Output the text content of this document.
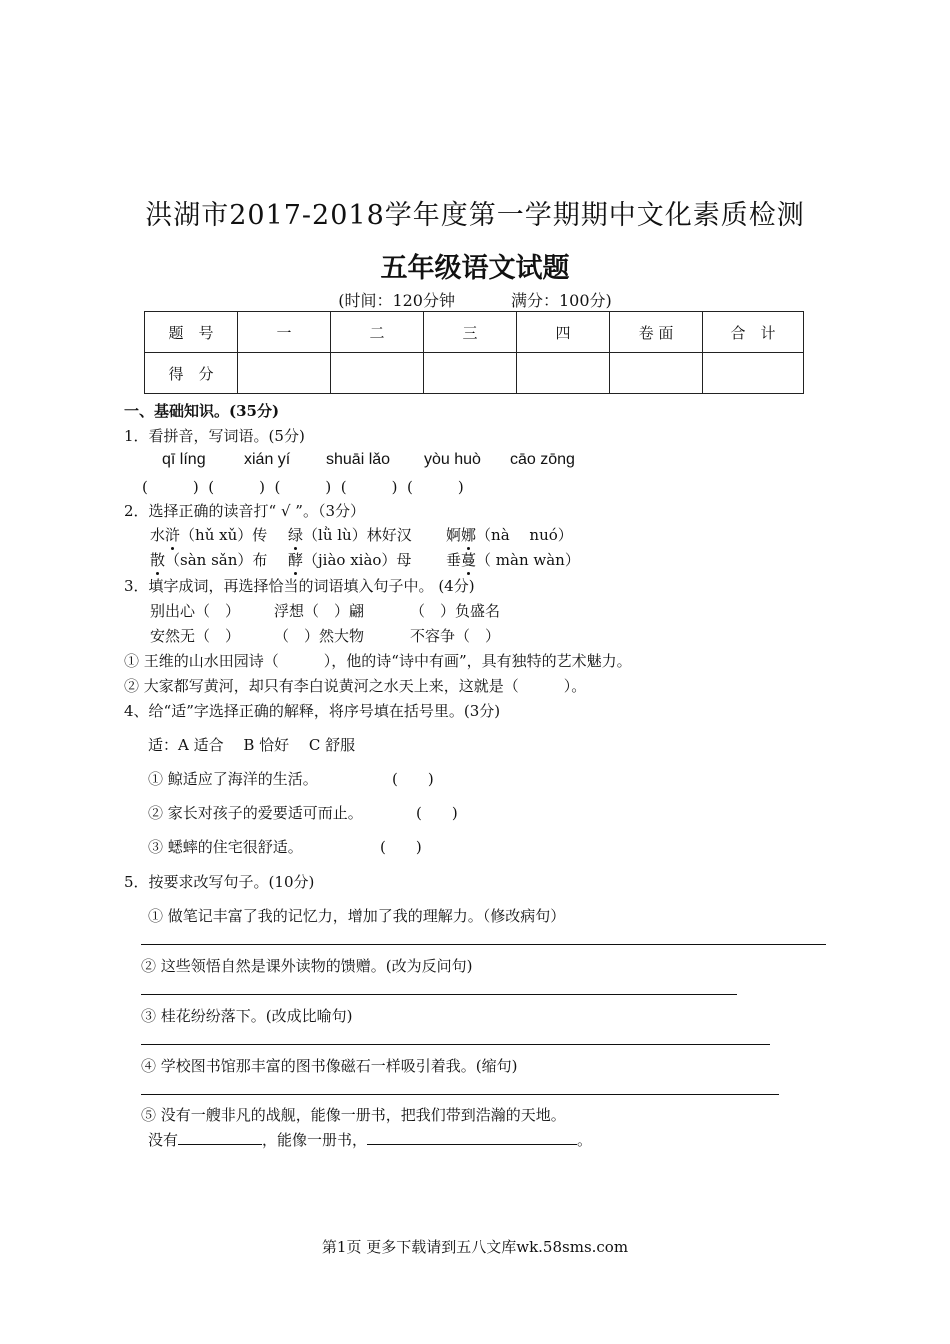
洪湖市2017-2018学年度第一学期期中文化素质检测
五年级语文试题
(时间：120分钟	满分：100分)
题　号	一	二	三	四	卷 面	合　计
得　分						
一、基础知识。(35分)
1．看拼音，写词语。(5分)
qī líng xián yí shuāi lǎo yòu huò cāo zōng
(　　　)  (　　　)  (　　　)  (　　　)  (　　　)
2．选择正确的读音打“ √ ”。（3分）
水浒（hǔ xǔ）传 绿（lǜ lù）林好汉 婀娜（nà　 nuó）
散（sàn sǎn）布 酵（jiào xiào）母 垂蔓（ màn wàn）
3．填字成词，再选择恰当的词语填入句子中。 (4分)
别出心（　） 浮想（　）翩	（　）负盛名
安然无（　） （　）然大物	不容争（　）
① 王维的山水田园诗（　　　），他的诗“诗中有画”，具有独特的艺术魅力。
② 大家都写黄河，却只有李白说黄河之水天上来，这就是（　　　）。
4、给“适”字选择正确的解释，将序号填在括号里。(3分)
适：A 适合　 B 恰好　 C 舒服
① 鲸适应了海洋的生活。	(　　)
② 家长对孩子的爱要适可而止。	(　　)
③ 蟋蟀的住宅很舒适。	(　　)
5．按要求改写句子。(10分)
① 做笔记丰富了我的记忆力，增加了我的理解力。（修改病句）
② 这些领悟自然是课外读物的馈赠。(改为反问句)
③ 桂花纷纷落下。(改成比喻句)
④ 学校图书馆那丰富的图书像磁石一样吸引着我。(缩句)
⑤ 没有一艘非凡的战舰，能像一册书，把我们带到浩瀚的天地。
没有	，能像一册书，	。
第1页 更多下载请到五八文库wk.58sms.com
